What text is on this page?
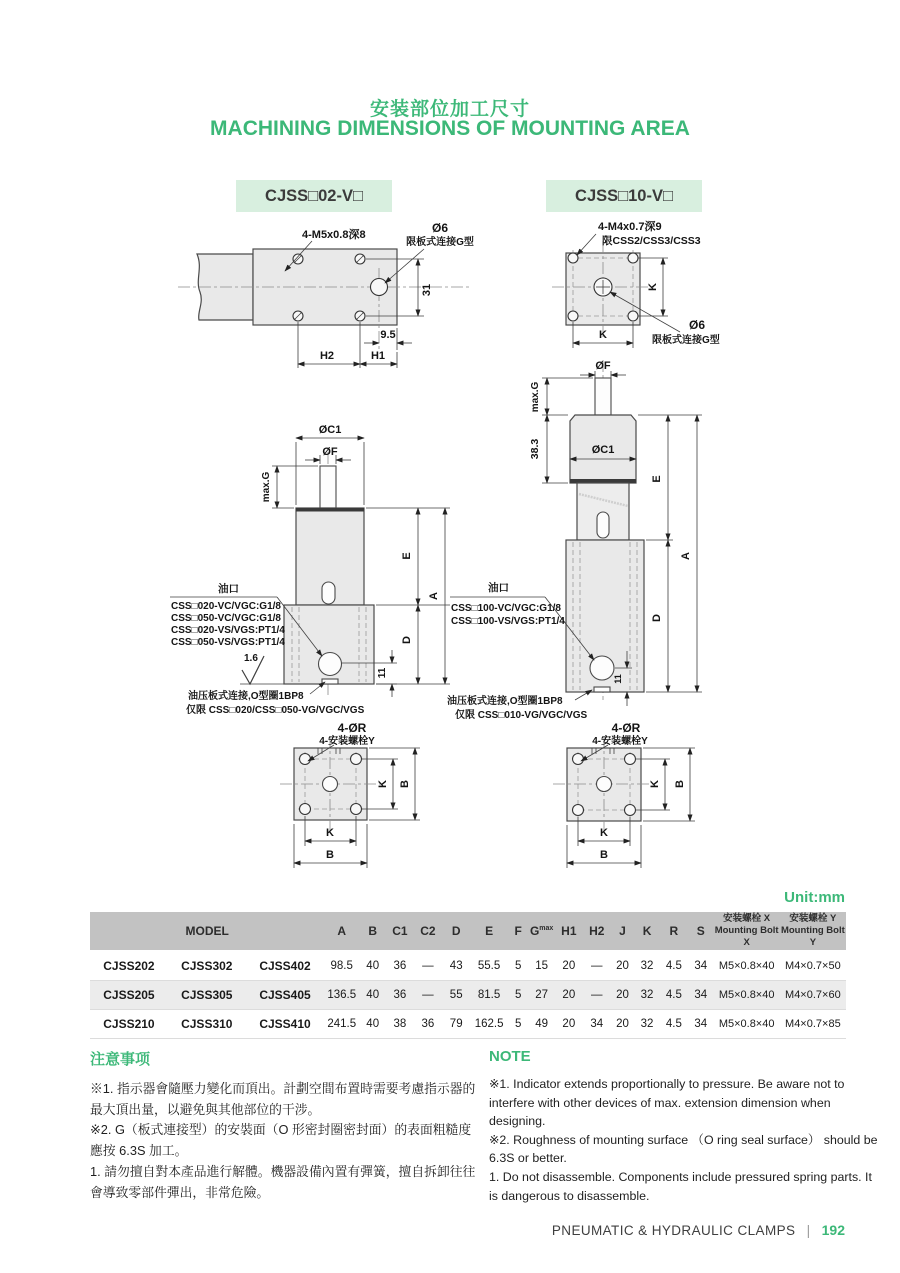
安装部位加工尺寸
MACHINING DIMENSIONS OF MOUNTING AREA
CJSS□02-V□	CJSS□10-V□
4-M5x0.8深8	Ø6
限板式连接G型
31
9.5
H2	H1
ØC1
ØF
max.G
1.6
11
E
D
A
油口
CSS□020-VC/VGC:G1/8
CSS□050-VC/VGC:G1/8
CSS□020-VS/VGS:PT1/4
CSS□050-VS/VGS:PT1/4
油压板式连接,O型圈1BP8
仅限 CSS□020/CSS□050-VG/VGC/VGS
4-ØR
4-安装螺栓Y
K B
K
B
4-M4x0.7深9
限CSS2/CSS3/CSS3
K
Ø6
限板式连接G型
K
ØF
max.G
38.3	ØC1
11
E
D
A
油口
CSS□100-VC/VGC:G1/8
CSS□100-VS/VGS:PT1/4
油压板式连接,O型圈1BP8
仅限 CSS□010-VG/VGC/VGS
4-ØR
4-安装螺栓Y
K B
K
B
Unit:mm
MODEL	A	B	C1	C2	D	E	F	$G^{max}$	H1	H2	J	K	R	S	
安装螺栓 X
Mounting Bolt X

安装螺栓 Y
Mounting Bolt Y

CJSS202	CJSS302	CJSS402	98.5	40	36	—	43	55.5	5	15	20	—	20	32	4.5	34	M5×0.8×40	M4×0.7×50
CJSS205	CJSS305	CJSS405	136.5	40	36	—	55	81.5	5	27	20	—	20	32	4.5	34	M5×0.8×40	M4×0.7×60
CJSS210	CJSS310	CJSS410	241.5	40	38	36	79	162.5	5	49	20	34	20	32	4.5	34	M5×0.8×40	M4×0.7×85
注意事项

※1. 指示器會隨壓力變化而頂出。計劃空間布置時需要考慮指示器的最大頂出量，以避免與其他部位的干涉。

※2. G（板式連接型）的安裝面（O 形密封圈密封面）的表面粗糙度應按 6.3S 加工。

1. 請勿擅自對本產品進行解體。機器設備內置有彈簧，擅自拆卸往往會導致零部件彈出，非常危險。

NOTE

※1. Indicator extends proportionally to pressure. Be aware not to interfere with other devices of max. extension dimension when designing.

※2. Roughness of mounting surface （O ring seal surface） should be 6.3S or better.

1. Do not disassemble. Components include pressured spring parts. It is dangerous to disassemble.

PNEUMATIC & HYDRAULIC CLAMPS | 192
